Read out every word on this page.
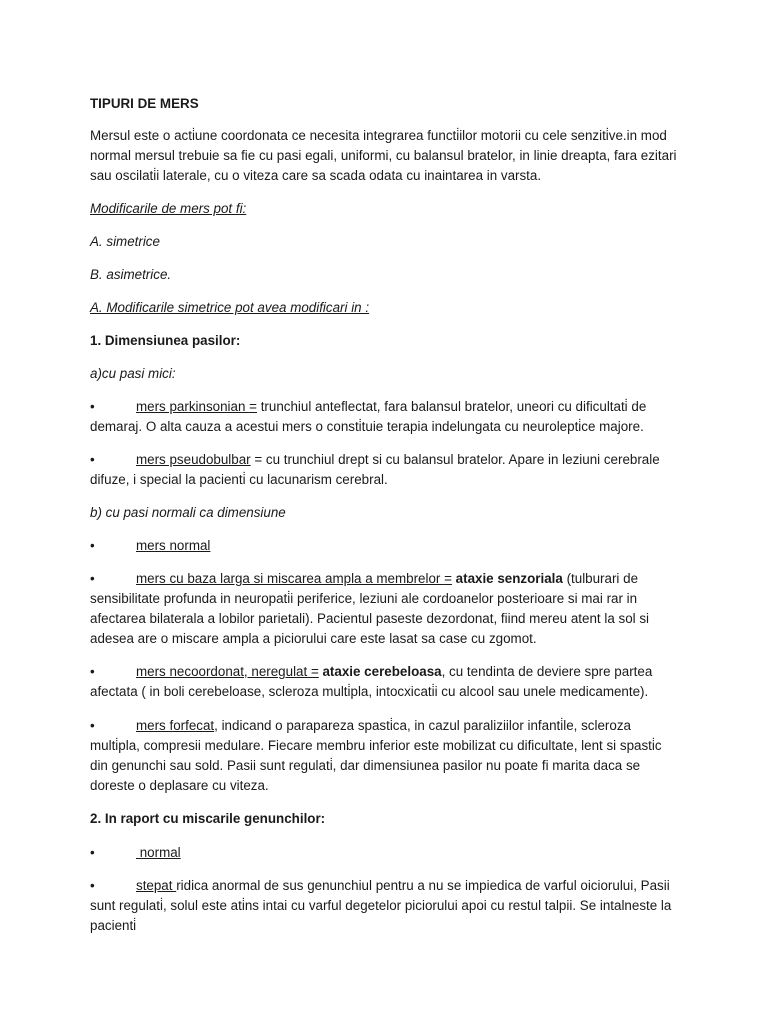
TIPURI DE MERS

Mersul este o acti̇une coordonata ce necesita integrarea functi̇ilor motorii cu cele senziti̇ve.in mod normal mersul trebuie sa fie cu pasi egali, uniformi, cu balansul bratelor, in linie dreapta, fara ezitari sau oscilati̇i laterale, cu o viteza care sa scada odata cu inaintarea in varsta.

Modificarile de mers pot fi:

A. simetrice

B. asimetrice.

A. Modificarile simetrice pot avea modificari in :

1. Dimensiunea pasilor:

a)cu pasi mici:

•	mers parkinsonian = trunchiul anteflectat, fara balansul bratelor, uneori cu dificultati̇ de demaraj. O alta cauza a acestui mers o consti̇tuie terapia indelungata cu neurolepti̇ce majore.

•	mers pseudobulbar = cu trunchiul drept si cu balansul bratelor. Apare in leziuni cerebrale difuze, i special la pacienti̇ cu lacunarism cerebral.

b) cu pasi normali ca dimensiune

•	mers normal

•	mers cu baza larga si miscarea ampla a membrelor = ataxie senzoriala (tulburari de sensibilitate profunda in neuropati̇i periferice, leziuni ale cordoanelor posterioare si mai rar in afectarea bilaterala a lobilor parietali). Pacientul paseste dezordonat, fiind mereu atent la sol si adesea are o miscare ampla a piciorului care este lasat sa case cu zgomot.

•	mers necoordonat, neregulat = ataxie cerebeloasa, cu tendinta de deviere spre partea afectata ( in boli cerebeloase, scleroza multi̇pla, intocxicati̇i cu alcool sau unele medicamente).

•	mers forfecat, indicand o parapareza spasti̇ca, in cazul paraliziilor infanti̇le, scleroza multi̇pla, compresii medulare. Fiecare membru inferior este mobilizat cu dificultate, lent si spasti̇c din genunchi sau sold. Pasii sunt regulati̇, dar dimensiunea pasilor nu poate fi marita daca se doreste o deplasare cu viteza.

2. In raport cu miscarile genunchilor:

•	normal

•	stepat ridica anormal de sus genunchiul pentru a nu se impiedica de varful oiciorului, Pasii sunt regulati̇, solul este ati̇ns intai cu varful degetelor piciorului apoi cu restul talpii. Se intalneste la pacienti̇
